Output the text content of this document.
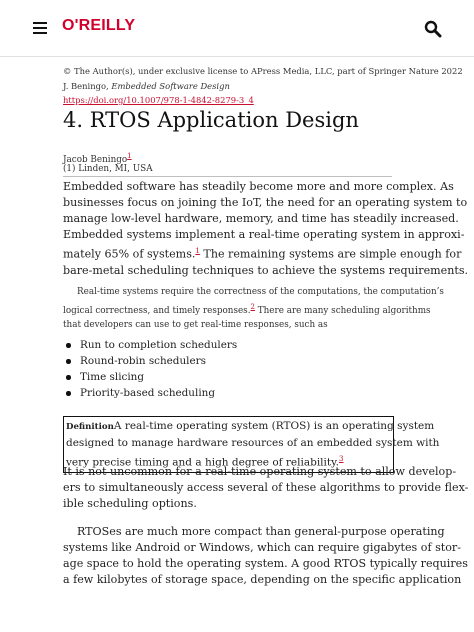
O'REILLY
© The Author(s), under exclusive license to APress Media, LLC, part of Springer Nature 2022
J. Beningo, Embedded Software Design
https://doi.org/10.1007/978-1-4842-8279-3_4
4. RTOS Application Design
Jacob Beningo$^1$
(1) Linden, MI, USA
Embedded software has steadily become more and more complex. As
businesses focus on joining the IoT, the need for an operating system to
manage low-level hardware, memory, and time has steadily increased.
Embedded systems implement a real-time operating system in approxi-
mately 65% of systems.$^1$ The remaining systems are simple enough for
bare-metal scheduling techniques to achieve the systems requirements.
Real-time systems require the correctness of the computations, the computation’s
logical correctness, and timely responses.$^2$ There are many scheduling algorithms
that developers can use to get real-time responses, such as
Run to completion schedulers
Round-robin schedulers
Time slicing
Priority-based scheduling
DefinitionA real-time operating system (RTOS) is an operating system
designed to manage hardware resources of an embedded system with
very precise timing and a high degree of reliability.$^3$
It is not uncommon for a real-time operating system to allow develop-
ers to simultaneously access several of these algorithms to provide flex-
ible scheduling options.
RTOSes are much more compact than general-purpose operating
systems like Android or Windows, which can require gigabytes of stor-
age space to hold the operating system. A good RTOS typically requires
a few kilobytes of storage space, depending on the specific application
